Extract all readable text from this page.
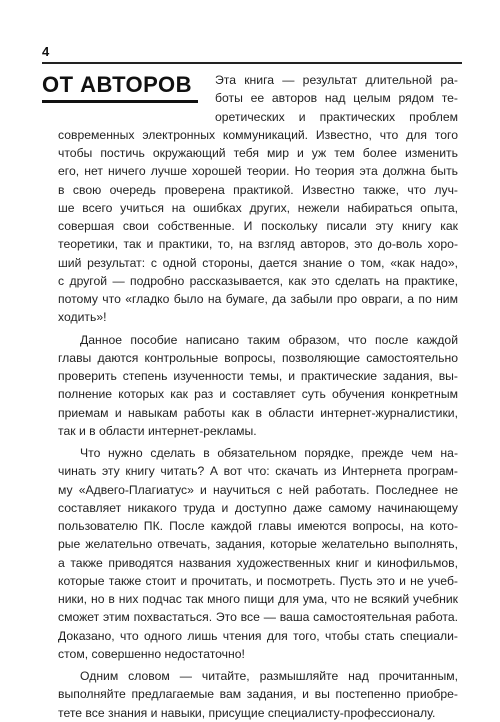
4
ОТ АВТОРОВ	Эта книга — результат длительной ра-
боты ее авторов над целым рядом те-
оретических и практических проблем
современных электронных коммуникаций. Известно, что для того
чтобы постичь окружающий тебя мир и уж тем более изменить
его, нет ничего лучше хорошей теории. Но теория эта должна быть
в свою очередь проверена практикой. Известно также, что луч-
ше всего учиться на ошибках других, нежели набираться опыта,
совершая свои собственные. И поскольку писали эту книгу как
теоретики, так и практики, то, на взгляд авторов, это до-воль хоро-
ший результат: с одной стороны, дается знание о том, «как надо»,
с другой — подробно рассказывается, как это сделать на практике,
потому что «гладко было на бумаге, да забыли про овраги, а по ним
ходить»!
Данное пособие написано таким образом, что после каждой
главы даются контрольные вопросы, позволяющие самостоятельно
проверить степень изученности темы, и практические задания, вы-
полнение которых как раз и составляет суть обучения конкретным
приемам и навыкам работы как в области интернет-журналистики,
так и в области интернет-рекламы.
Что нужно сделать в обязательном порядке, прежде чем на-
чинать эту книгу читать? А вот что: скачать из Интернета програм-
му «Адвего-Плагиатус» и научиться с ней работать. Последнее не
составляет никакого труда и доступно даже самому начинающему
пользователю ПК. После каждой главы имеются вопросы, на кото-
рые желательно отвечать, задания, которые желательно выполнять,
а также приводятся названия художественных книг и кинофильмов,
которые также стоит и прочитать, и посмотреть. Пусть это и не учеб-
ники, но в них подчас так много пищи для ума, что не всякий учебник
сможет этим похвастаться. Это все — ваша самостоятельная работа.
Доказано, что одного лишь чтения для того, чтобы стать специали-
стом, совершенно недостаточно!
Одним словом — читайте, размышляйте над прочитанным,
выполняйте предлагаемые вам задания, и вы постепенно приобре-
тете все знания и навыки, присущие специалисту-профессионалу.
